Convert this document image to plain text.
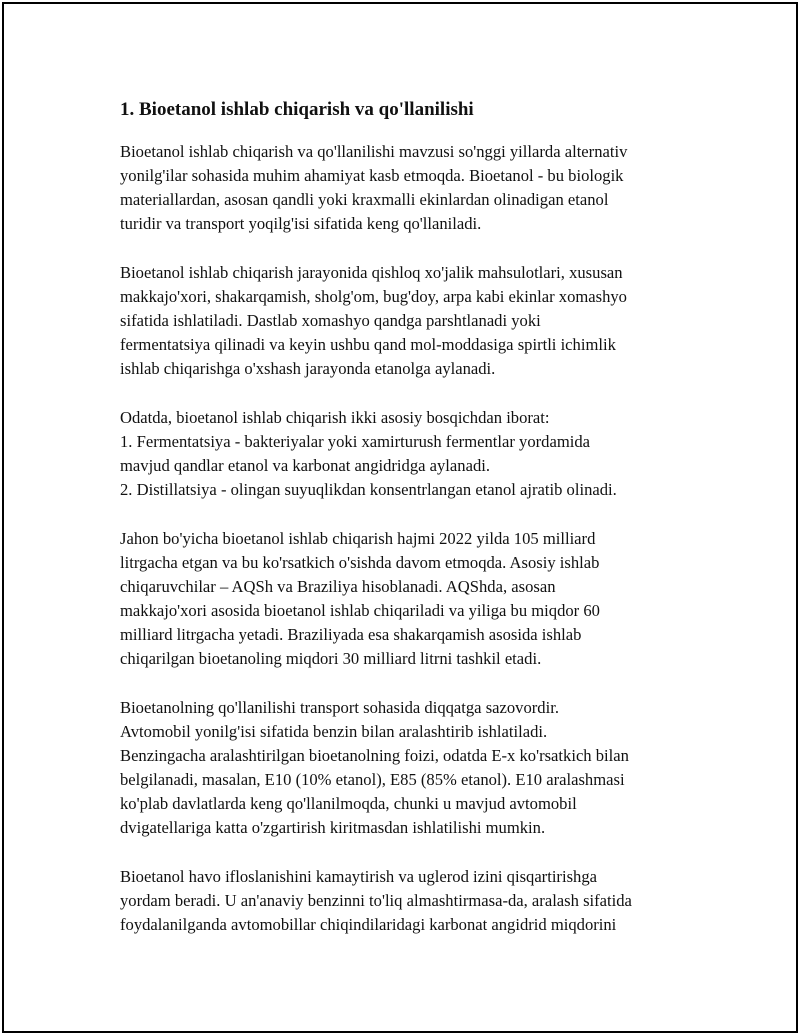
1. Bioetanol ishlab chiqarish va qo'llanilishi

Bioetanol ishlab chiqarish va qo'llanilishi mavzusi so'nggi yillarda alternativ
yonilg'ilar sohasida muhim ahamiyat kasb etmoqda. Bioetanol - bu biologik
materiallardan, asosan qandli yoki kraxmalli ekinlardan olinadigan etanol
turidir va transport yoqilg'isi sifatida keng qo'llaniladi.

Bioetanol ishlab chiqarish jarayonida qishloq xo'jalik mahsulotlari, xususan
makkajo'xori, shakarqamish, sholg'om, bug'doy, arpa kabi ekinlar xomashyo
sifatida ishlatiladi. Dastlab xomashyo qandga parshtlanadi yoki
fermentatsiya qilinadi va keyin ushbu qand mol-moddasiga spirtli ichimlik
ishlab chiqarishga o'xshash jarayonda etanolga aylanadi.

Odatda, bioetanol ishlab chiqarish ikki asosiy bosqichdan iborat:
1. Fermentatsiya - bakteriyalar yoki xamirturush fermentlar yordamida
mavjud qandlar etanol va karbonat angidridga aylanadi.
2. Distillatsiya - olingan suyuqlikdan konsentrlangan etanol ajratib olinadi.

Jahon bo'yicha bioetanol ishlab chiqarish hajmi 2022 yilda 105 milliard
litrgacha etgan va bu ko'rsatkich o'sishda davom etmoqda. Asosiy ishlab
chiqaruvchilar – AQSh va Braziliya hisoblanadi. AQShda, asosan
makkajo'xori asosida bioetanol ishlab chiqariladi va yiliga bu miqdor 60
milliard litrgacha yetadi. Braziliyada esa shakarqamish asosida ishlab
chiqarilgan bioetanoling miqdori 30 milliard litrni tashkil etadi.

Bioetanolning qo'llanilishi transport sohasida diqqatga sazovordir.
Avtomobil yonilg'isi sifatida benzin bilan aralashtirib ishlatiladi.
Benzingacha aralashtirilgan bioetanolning foizi, odatda E-x ko'rsatkich bilan
belgilanadi, masalan, E10 (10% etanol), E85 (85% etanol). E10 aralashmasi
ko'plab davlatlarda keng qo'llanilmoqda, chunki u mavjud avtomobil
dvigatellariga katta o'zgartirish kiritmasdan ishlatilishi mumkin.

Bioetanol havo ifloslanishini kamaytirish va uglerod izini qisqartirishga
yordam beradi. U an'anaviy benzinni to'liq almashtirmasa-da, aralash sifatida
foydalanilganda avtomobillar chiqindilaridagi karbonat angidrid miqdorini
